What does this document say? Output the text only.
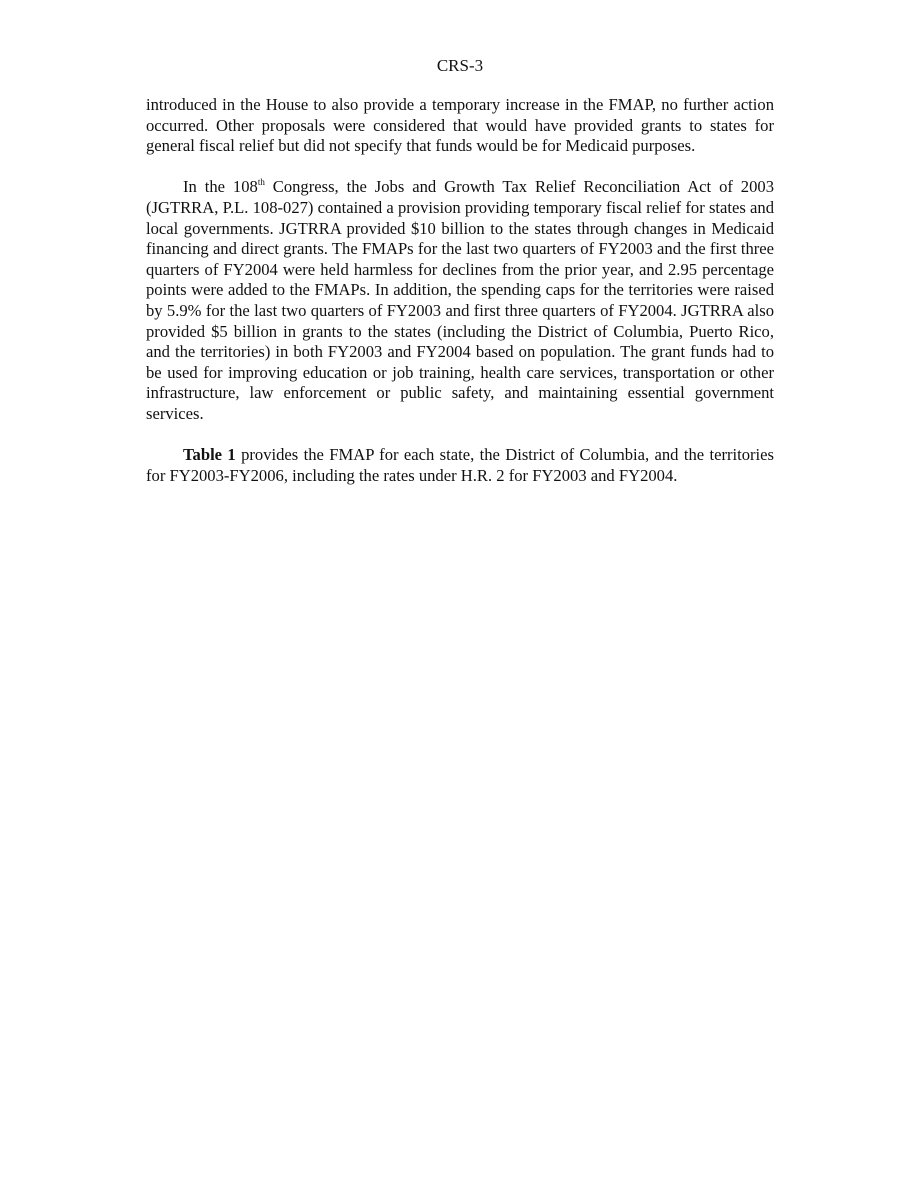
CRS-3

introduced in the House to also provide a temporary increase in the FMAP, no further action occurred. Other proposals were considered that would have provided grants to states for general fiscal relief but did not specify that funds would be for Medicaid purposes.

In the 108th Congress, the Jobs and Growth Tax Relief Reconciliation Act of 2003 (JGTRRA, P.L. 108-027) contained a provision providing temporary fiscal relief for states and local governments. JGTRRA provided $10 billion to the states through changes in Medicaid financing and direct grants. The FMAPs for the last two quarters of FY2003 and the first three quarters of FY2004 were held harmless for declines from the prior year, and 2.95 percentage points were added to the FMAPs. In addition, the spending caps for the territories were raised by 5.9% for the last two quarters of FY2003 and first three quarters of FY2004. JGTRRA also provided $5 billion in grants to the states (including the District of Columbia, Puerto Rico, and the territories) in both FY2003 and FY2004 based on population. The grant funds had to be used for improving education or job training, health care services, transportation or other infrastructure, law enforcement or public safety, and maintaining essential government services.

Table 1 provides the FMAP for each state, the District of Columbia, and the territories for FY2003-FY2006, including the rates under H.R. 2 for FY2003 and FY2004.
